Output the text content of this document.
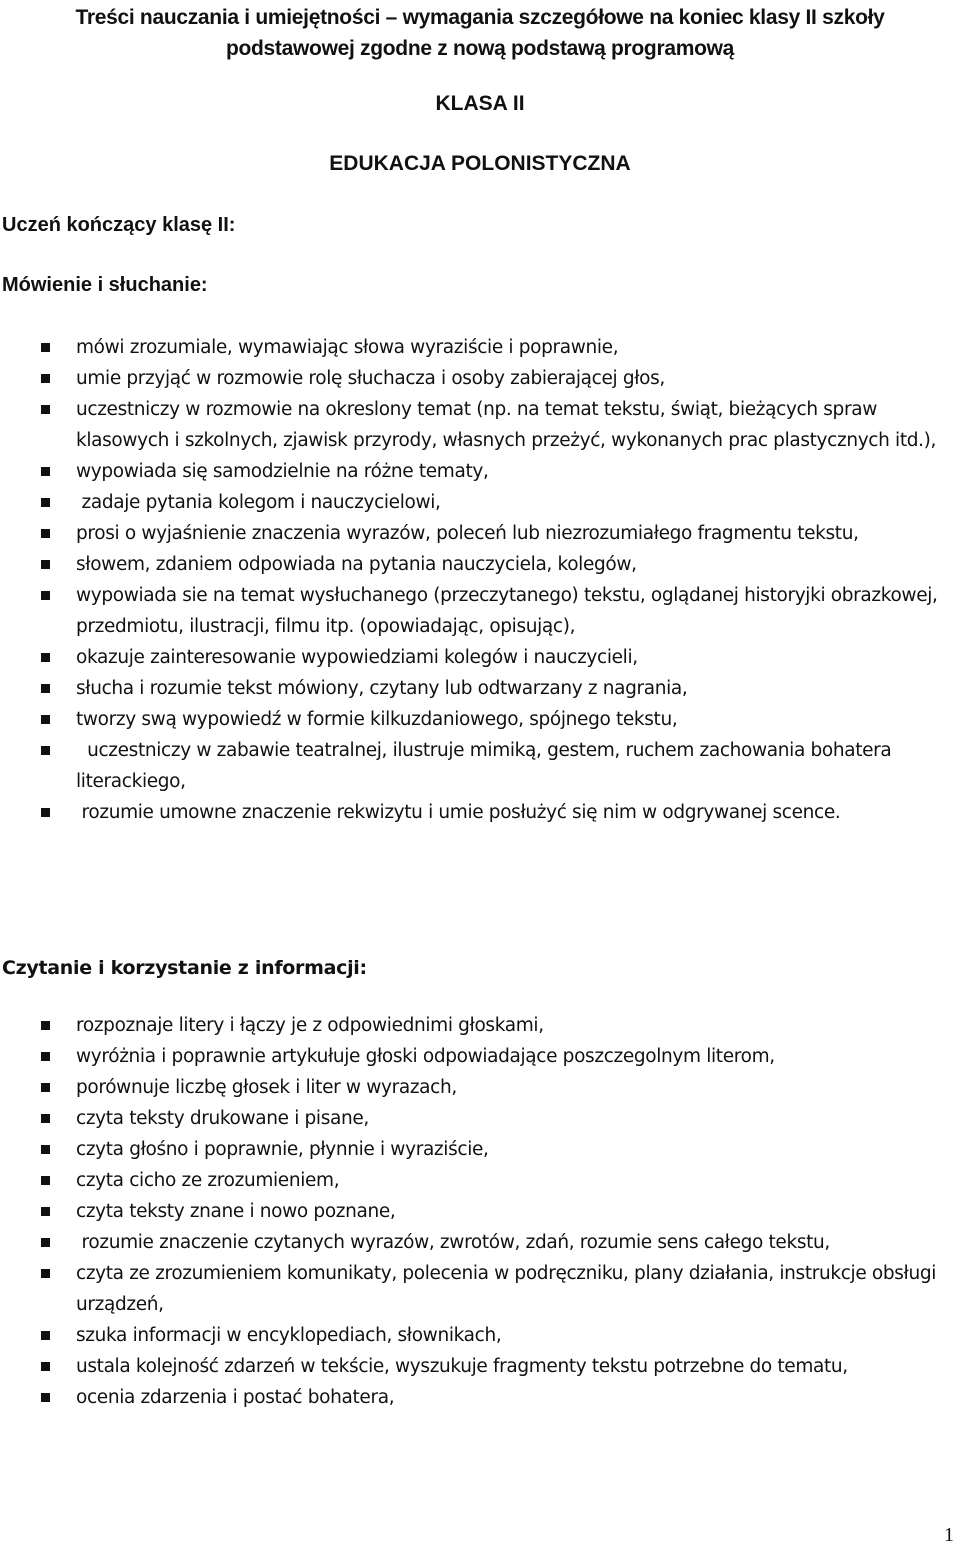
Treści nauczania i umiejętności – wymagania szczegółowe na koniec klasy II szkoły podstawowej zgodne z nową podstawą programową
KLASA II
EDUKACJA POLONISTYCZNA
Uczeń kończący klasę II:
Mówienie i słuchanie:
mówi zrozumiale, wymawiając słowa wyraziście i poprawnie,
umie przyjąć w rozmowie rolę słuchacza i osoby zabierającej głos,
uczestniczy w rozmowie na okreslony temat (np. na temat tekstu, świąt, bieżących spraw klasowych i szkolnych, zjawisk przyrody, własnych przeżyć, wykonanych prac plastycznych itd.),
wypowiada się samodzielnie na różne tematy,
zadaje pytania kolegom i nauczycielowi,
prosi o wyjaśnienie znaczenia wyrazów, poleceń lub niezrozumiałego fragmentu tekstu,
słowem, zdaniem odpowiada na pytania nauczyciela, kolegów,
wypowiada sie na temat wysłuchanego (przeczytanego) tekstu, oglądanej historyjki obrazkowej, przedmiotu, ilustracji, filmu itp. (opowiadając, opisując),
okazuje zainteresowanie wypowiedziami kolegów i nauczycieli,
słucha i rozumie tekst mówiony, czytany lub odtwarzany z nagrania,
tworzy swą wypowiedź w formie kilkuzdaniowego, spójnego tekstu,
uczestniczy w zabawie teatralnej, ilustruje mimiką, gestem, ruchem zachowania bohatera literackiego,
rozumie umowne znaczenie rekwizytu i umie posłużyć się nim w odgrywanej scence.
Czytanie i korzystanie z informacji:
rozpoznaje litery i łączy je z odpowiednimi głoskami,
wyróżnia i poprawnie artykułuje głoski odpowiadające poszczegolnym literom,
porównuje liczbę głosek i liter w wyrazach,
czyta teksty drukowane i pisane,
czyta głośno i poprawnie, płynnie i wyraziście,
czyta cicho ze zrozumieniem,
czyta teksty znane i nowo poznane,
rozumie znaczenie czytanych wyrazów, zwrotów, zdań, rozumie sens całego tekstu,
czyta ze zrozumieniem komunikaty, polecenia w podręczniku, plany działania, instrukcje obsługi urządzeń,
szuka informacji w encyklopediach, słownikach,
ustala kolejność zdarzeń w tekście, wyszukuje fragmenty tekstu potrzebne do tematu,
ocenia zdarzenia i postać bohatera,
1
